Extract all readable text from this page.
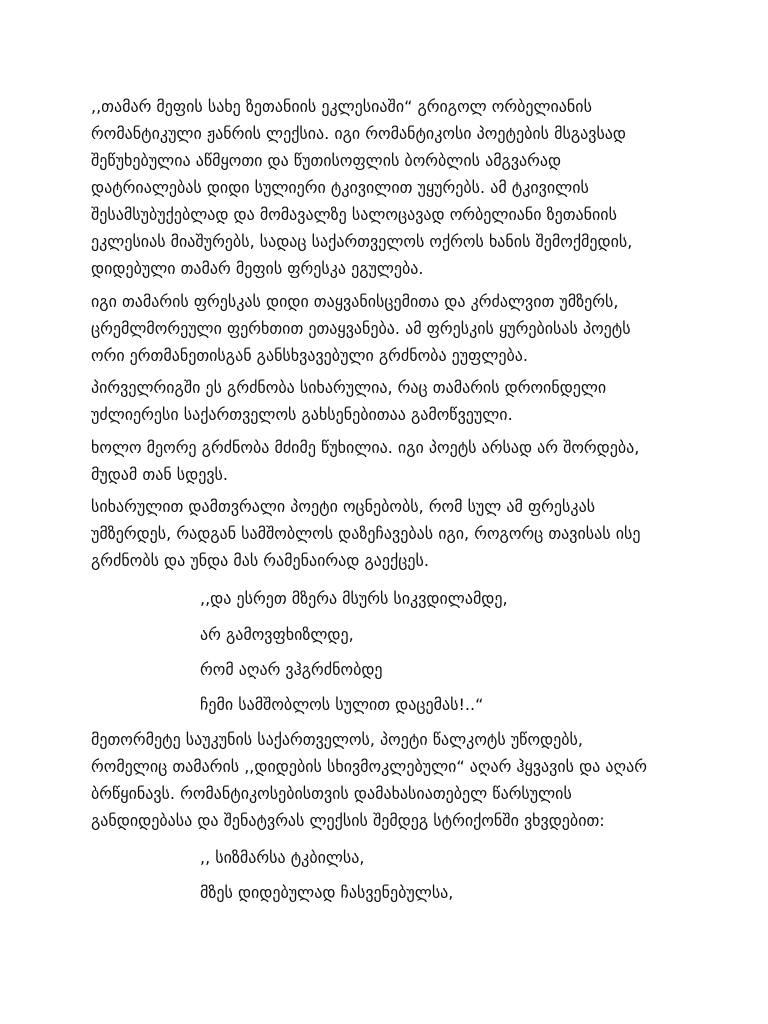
,,თამარ მეფის სახე ზეთანიის ეკლესიაში“ გრიგოლ ორბელიანის

რომანტიკული ჟანრის ლექსია. იგი რომანტიკოსი პოეტების მსგავსად

შეწუხებულია აწმყოთი და წუთისოფლის ბორბლის ამგვარად

დატრიალებას დიდი სულიერი ტკივილით უყურებს. ამ ტკივილის

შესამსუბუქებლად და მომავალზე სალოცავად ორბელიანი ზეთანიის

ეკლესიას მიაშურებს, სადაც საქართველოს ოქროს ხანის შემოქმედის,

დიდებული თამარ მეფის ფრესკა ეგულება.

იგი თამარის ფრესკას დიდი თაყვანისცემითა და კრძალვით უმზერს,

ცრემლმორეული ფერხთით ეთაყვანება. ამ ფრესკის ყურებისას პოეტს

ორი ერთმანეთისგან განსხვავებული გრძნობა ეუფლება.

პირველრიგში ეს გრძნობა სიხარულია, რაც თამარის დროინდელი

უძლიერესი საქართველოს გახსენებითაა გამოწვეული.

ხოლო მეორე გრძნობა მძიმე წუხილია. იგი პოეტს არსად არ შორდება,

მუდამ თან სდევს.

სიხარულით დამთვრალი პოეტი ოცნებობს, რომ სულ ამ ფრესკას

უმზერდეს, რადგან სამშობლოს დაზეჩავებას იგი, როგორც თავისას ისე

გრძნობს და უნდა მას რამენაირად გაექცეს.

,,და ესრეთ მზერა მსურს სიკვდილამდე,

არ გამოვფხიზლდე,

რომ აღარ ვჰგრძნობდე

ჩემი სამშობლოს სულით დაცემას!..“

მეთორმეტე საუკუნის საქართველოს, პოეტი წალკოტს უწოდებს,

რომელიც თამარის ,,დიდების სხივმოკლებული“ აღარ ჰყვავის და აღარ

ბრწყინავს. რომანტიკოსებისთვის დამახასიათებელ წარსულის

განდიდებასა და შენატვრას ლექსის შემდეგ სტრიქონში ვხვდებით:

,, სიზმარსა ტკბილსა,

მზეს დიდებულად ჩასვენებულსა,
